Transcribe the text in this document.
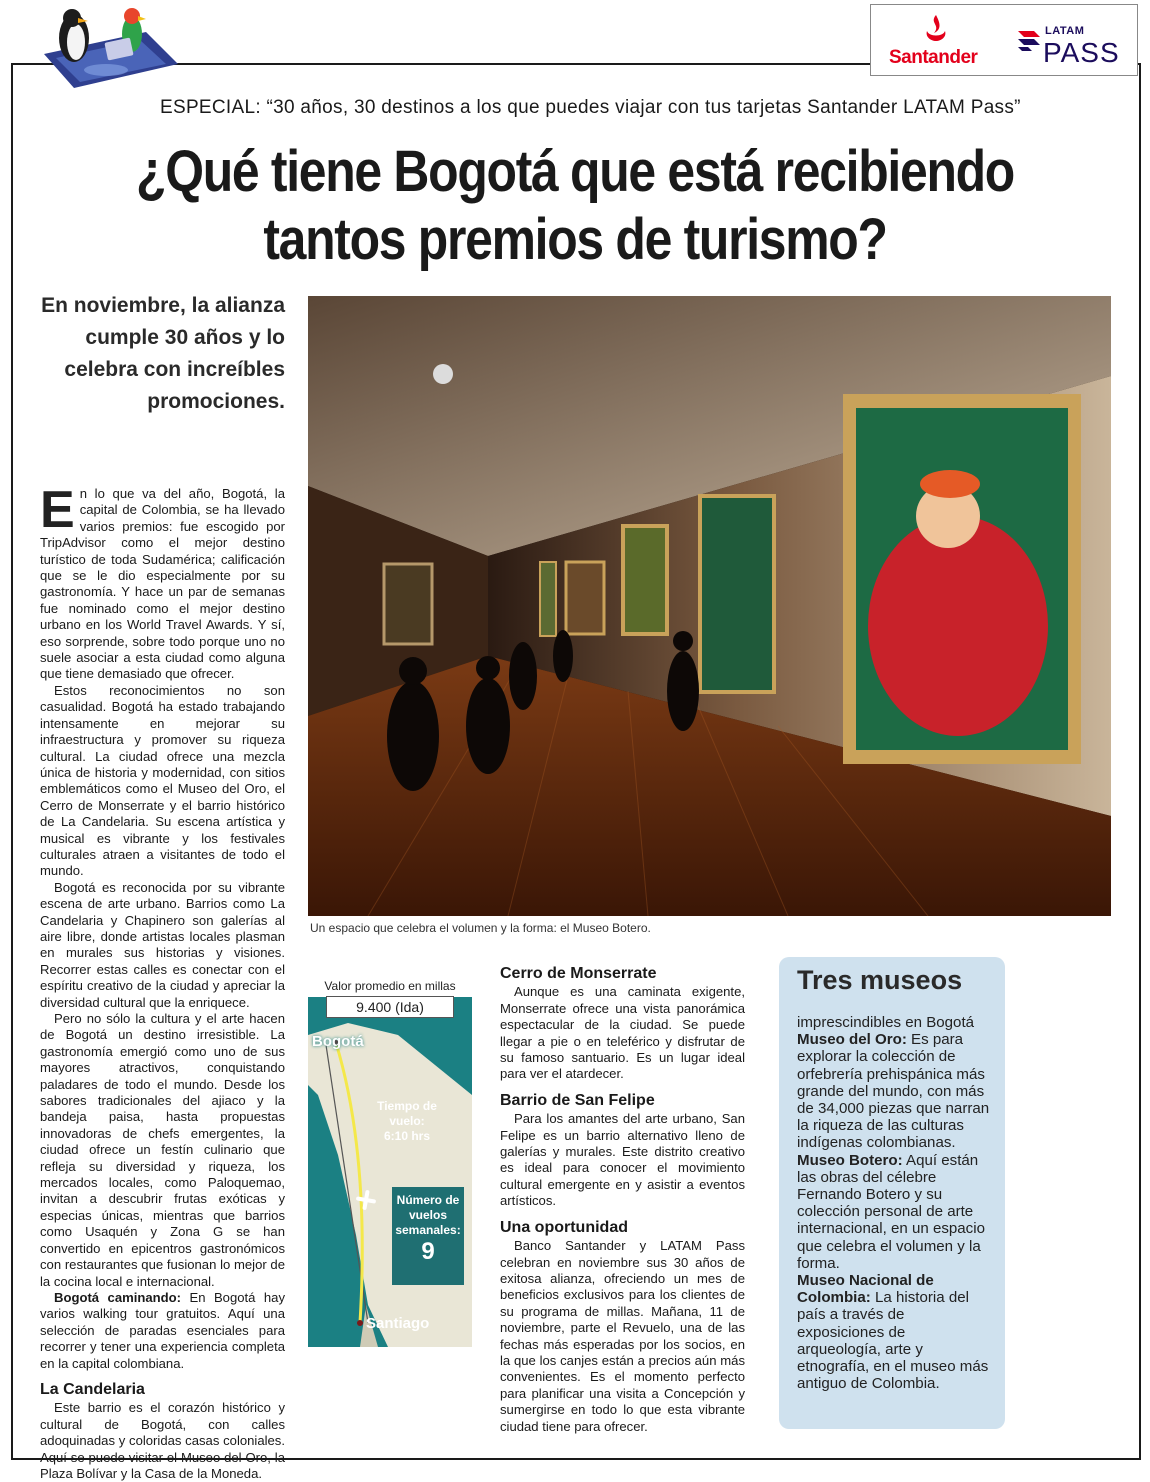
Santander
LATAM
PASS
ESPECIAL: “30 años, 30 destinos a los que puedes viajar con tus tarjetas Santander LATAM Pass”
¿Qué tiene Bogotá que está recibiendo
tantos premios de turismo?
En noviembre, la alianza cumple 30 años y lo celebra con increíbles promociones.
Un espacio que celebra el volumen y la forma: el Museo Botero.

En lo que va del año, Bogotá, la capital de Colombia, se ha llevado varios premios: fue escogido por TripAdvisor como el mejor destino turístico de toda Sudamérica; calificación que se le dio especialmente por su gastronomía. Y hace un par de semanas fue nominado como el mejor destino urbano en los World Travel Awards. Y sí, eso sorprende, sobre todo porque uno no suele asociar a esta ciudad como alguna que tiene demasiado que ofrecer.

Estos reconocimientos no son casualidad. Bogotá ha estado trabajando intensamente en mejorar su infraestructura y promover su riqueza cultural. La ciudad ofrece una mezcla única de historia y modernidad, con sitios emblemáticos como el Museo del Oro, el Cerro de Monserrate y el barrio histórico de La Candelaria. Su escena artística y musical es vibrante y los festivales culturales atraen a visitantes de todo el mundo.

Bogotá es reconocida por su vibrante escena de arte urbano. Barrios como La Candelaria y Chapinero son galerías al aire libre, donde artistas locales plasman en murales sus historias y visiones. Recorrer estas calles es conectar con el espíritu creativo de la ciudad y apreciar la diversidad cultural que la enriquece.

Pero no sólo la cultura y el arte hacen de Bogotá un destino irresistible. La gastronomía emergió como uno de sus mayores atractivos, conquistando paladares de todo el mundo. Desde los sabores tradicionales del ajiaco y la bandeja paisa, hasta propuestas innovadoras de chefs emergentes, la ciudad ofrece un festín culinario que refleja su diversidad y riqueza, los mercados locales, como Paloquemao, invitan a descubrir frutas exóticas y especias únicas, mientras que barrios como Usaquén y Zona G se han convertido en epicentros gastronómicos con restaurantes que fusionan lo mejor de la cocina local e internacional.

Bogotá caminando: En Bogotá hay varios walking tour gratuitos. Aquí una selección de paradas esenciales para recorrer y tener una experiencia completa en la capital colombiana.

La Candelaria

Este barrio es el corazón histórico y cultural de Bogotá, con calles adoquinadas y coloridas casas coloniales. Aquí se puede visitar el Museo del Oro, la Plaza Bolívar y la Casa de la Moneda.

Valor promedio en millas
9.400 (Ida)
Bogotá
Santiago
Tiempo de vuelo:
6:10 hrs
Número de vuelos semanales:
9
Cerro de Monserrate

Aunque es una caminata exigente, Monserrate ofrece una vista panorámica espectacular de la ciudad. Se puede llegar a pie o en teleférico y disfrutar de su famoso santuario. Es un lugar ideal para ver el atardecer.

Barrio de San Felipe

Para los amantes del arte urbano, San Felipe es un barrio alternativo lleno de galerías y murales. Este distrito creativo es ideal para conocer el movimiento cultural emergente en y asistir a eventos artísticos.

Una oportunidad

Banco Santander y LATAM Pass celebran en noviembre sus 30 años de exitosa alianza, ofreciendo un mes de beneficios exclusivos para los clientes de su programa de millas. Mañana, 11 de noviembre, parte el Revuelo, una de las fechas más esperadas por los socios, en la que los canjes están a precios aún más convenientes. Es el momento perfecto para planificar una visita a Concepción y sumergirse en todo lo que esta vibrante ciudad tiene para ofrecer.

Tres museos
imprescindibles en Bogotá
Museo del Oro: Es para explorar la colección de orfebrería prehispánica más grande del mundo, con más de 34,000 piezas que narran la riqueza de las culturas indígenas colombianas.
Museo Botero: Aquí están las obras del célebre Fernando Botero y su colección personal de arte internacional, en un espacio que celebra el volumen y la forma.
Museo Nacional de Colombia: La historia del país a través de exposiciones de arqueología, arte y etnografía, en el museo más antiguo de Colombia.
